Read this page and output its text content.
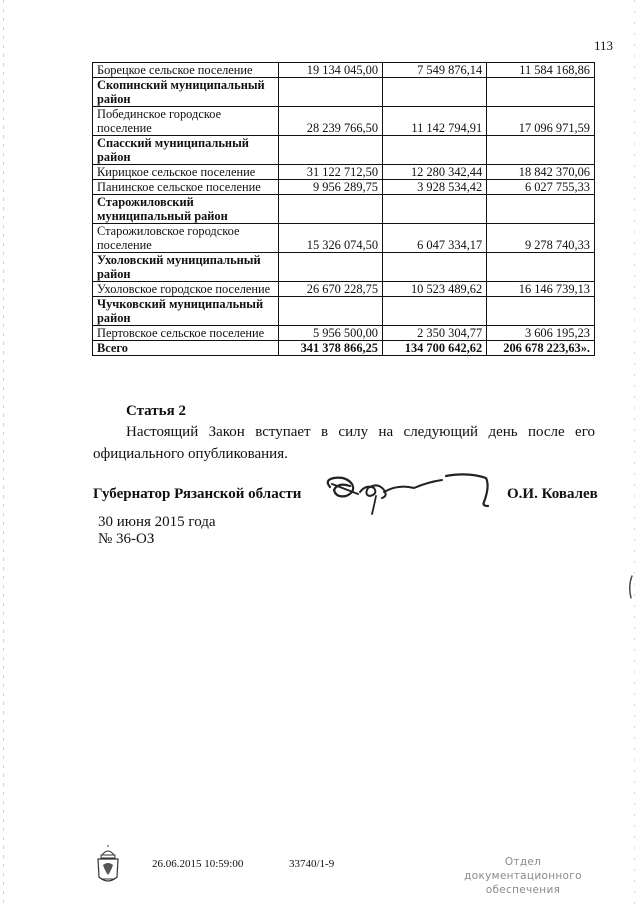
113
Борецкое сельское поселение	19 134 045,00	7 549 876,14	11 584 168,86
Скопинский муниципальный район			
Побединское городское поселение	28 239 766,50	11 142 794,91	17 096 971,59
Спасский муниципальный район			
Кирицкое сельское поселение	31 122 712,50	12 280 342,44	18 842 370,06
Панинское сельское поселение	9 956 289,75	3 928 534,42	6 027 755,33
Старожиловский муниципальный район			
Старожиловское городское поселение	15 326 074,50	6 047 334,17	9 278 740,33
Ухоловский муниципальный район			
Ухоловское городское поселение	26 670 228,75	10 523 489,62	16 146 739,13
Чучковский муниципальный район			
Пертовское сельское поселение	5 956 500,00	2 350 304,77	3 606 195,23
Всего	341 378 866,25	134 700 642,62	206 678 223,63».
Статья 2
Настоящий Закон вступает в силу на следующий день после его официального опубликования.
Губернатор Рязанской области	О.И. Ковалев
30 июня 2015 года
№ 36-ОЗ
26.06.2015 10:59:00	33740/1-9	Отдел документационного
обеспечения
